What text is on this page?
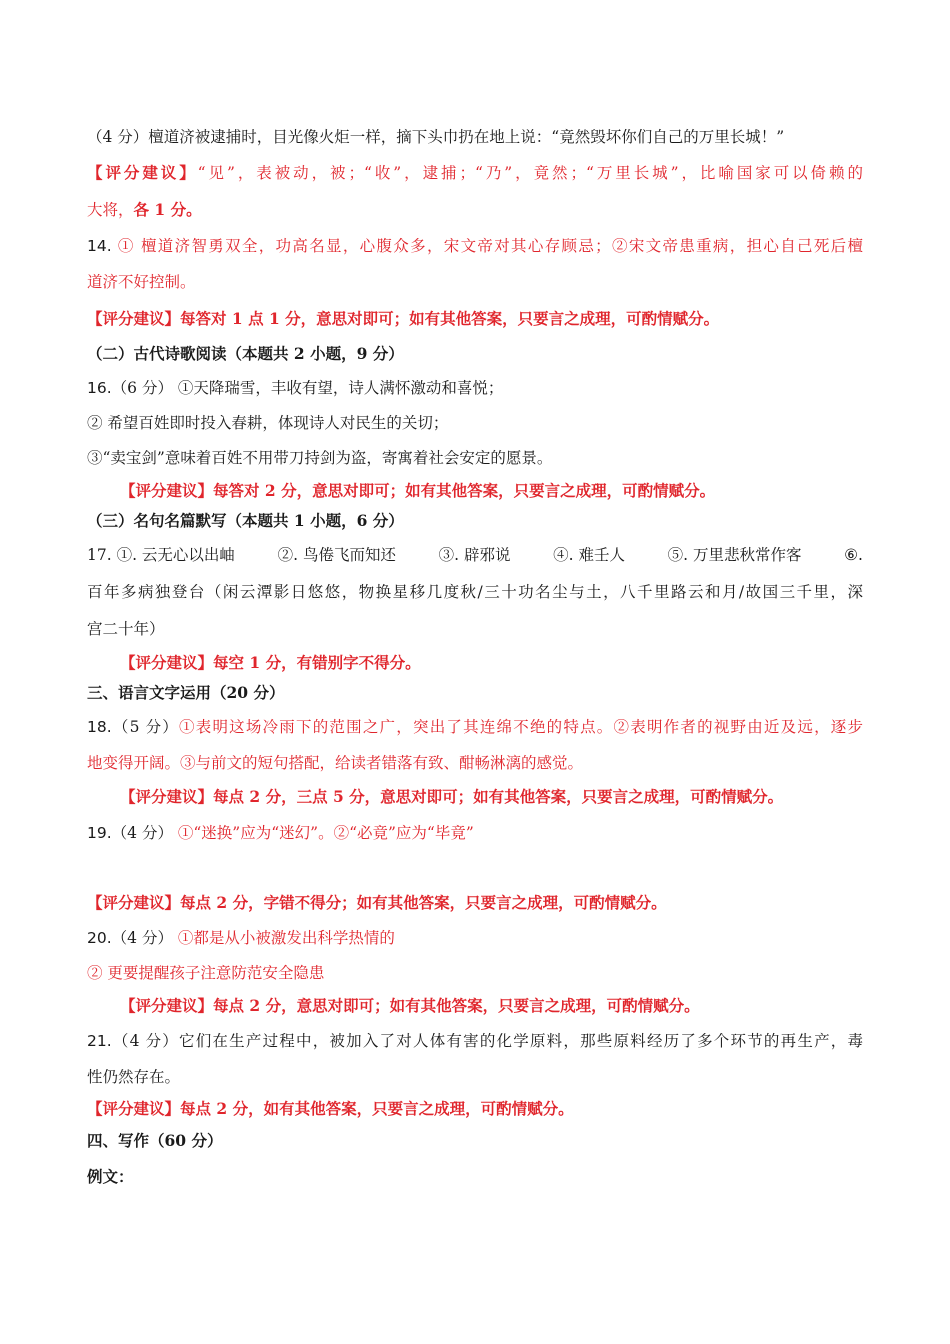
（4 分）檀道济被逮捕时，目光像火炬一样，摘下头巾扔在地上说：“竟然毁坏你们自己的万里长城！”
【评分建议】“见”，表被动，被；“收”，逮捕；“乃”，竟然；“万里长城”，比喻国家可以倚赖的
大将，各 1 分。
14. ① 檀道济智勇双全，功高名显，心腹众多，宋文帝对其心存顾忌；②宋文帝患重病，担心自己死后檀
道济不好控制。
【评分建议】每答对 1 点 1 分，意思对即可；如有其他答案，只要言之成理，可酌情赋分。
（二）古代诗歌阅读（本题共 2 小题，9 分）
16.（6 分） ①天降瑞雪，丰收有望，诗人满怀激动和喜悦；
② 希望百姓即时投入春耕，体现诗人对民生的关切；
③“卖宝剑”意味着百姓不用带刀持剑为盗，寄寓着社会安定的愿景。
【评分建议】每答对 2 分，意思对即可；如有其他答案，只要言之成理，可酌情赋分。
（三）名句名篇默写（本题共 1 小题，6 分）
17. ①. 云无心以出岫	②. 鸟倦飞而知还	③. 辟邪说	④. 难壬人	⑤. 万里悲秋常作客	⑥.
百年多病独登台（闲云潭影日悠悠，物换星移几度秋/三十功名尘与土，八千里路云和月/故国三千里，深
宫二十年）
【评分建议】每空 1 分，有错别字不得分。
三、语言文字运用（20 分）
18.（5 分）①表明这场冷雨下的范围之广，突出了其连绵不绝的特点。②表明作者的视野由近及远，逐步
地变得开阔。③与前文的短句搭配，给读者错落有致、酣畅淋漓的感觉。
【评分建议】每点 2 分，三点 5 分，意思对即可；如有其他答案，只要言之成理，可酌情赋分。
19.（4 分） ①“迷换”应为“迷幻”。②“必竟”应为“毕竟”
【评分建议】每点 2 分，字错不得分；如有其他答案，只要言之成理，可酌情赋分。
20.（4 分） ①都是从小被激发出科学热情的
② 更要提醒孩子注意防范安全隐患
【评分建议】每点 2 分，意思对即可；如有其他答案，只要言之成理，可酌情赋分。
21.（4 分）它们在生产过程中，被加入了对人体有害的化学原料，那些原料经历了多个环节的再生产，毒
性仍然存在。
【评分建议】每点 2 分，如有其他答案，只要言之成理，可酌情赋分。
四、写作（60 分）
例文：
